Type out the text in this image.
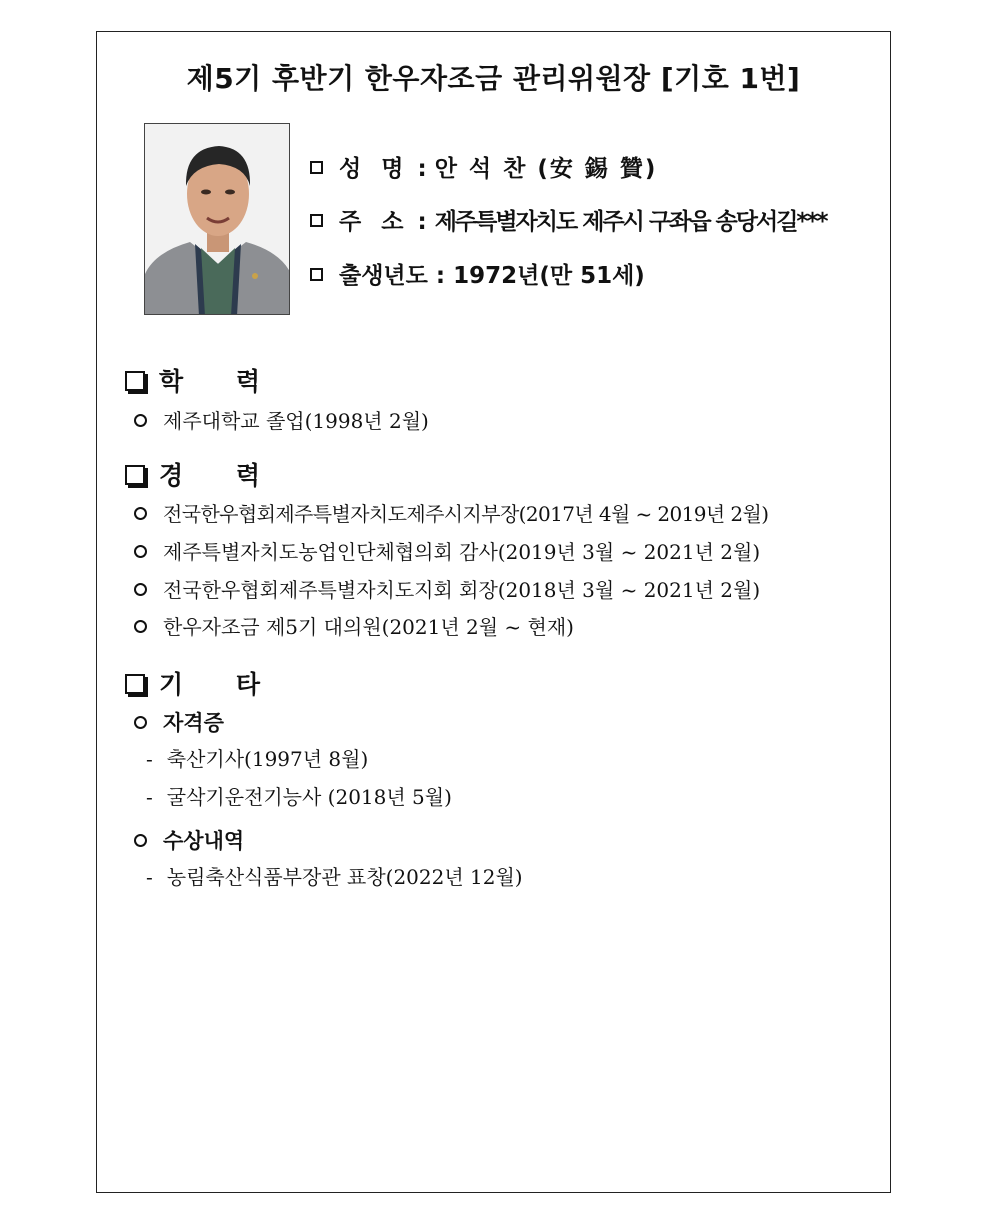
제5기 후반기 한우자조금 관리위원장 [기호 1번]
성 명 : 안 석 찬 (安 錫 贊)
주 소 : 제주특별자치도 제주시 구좌읍 송당서길***
출생년도 : 1972년(만 51세)
학 력
제주대학교 졸업(1998년 2월)
경 력
전국한우협회제주특별자치도제주시지부장(2017년 4월 ~ 2019년 2월)
제주특별자치도농업인단체협의회 감사(2019년 3월 ~ 2021년 2월)
전국한우협회제주특별자치도지회 회장(2018년 3월 ~ 2021년 2월)
한우자조금 제5기 대의원(2021년 2월 ~ 현재)
기 타
자격증
- 축산기사(1997년 8월)
- 굴삭기운전기능사 (2018년 5월)
수상내역
- 농림축산식품부장관 표창(2022년 12월)
